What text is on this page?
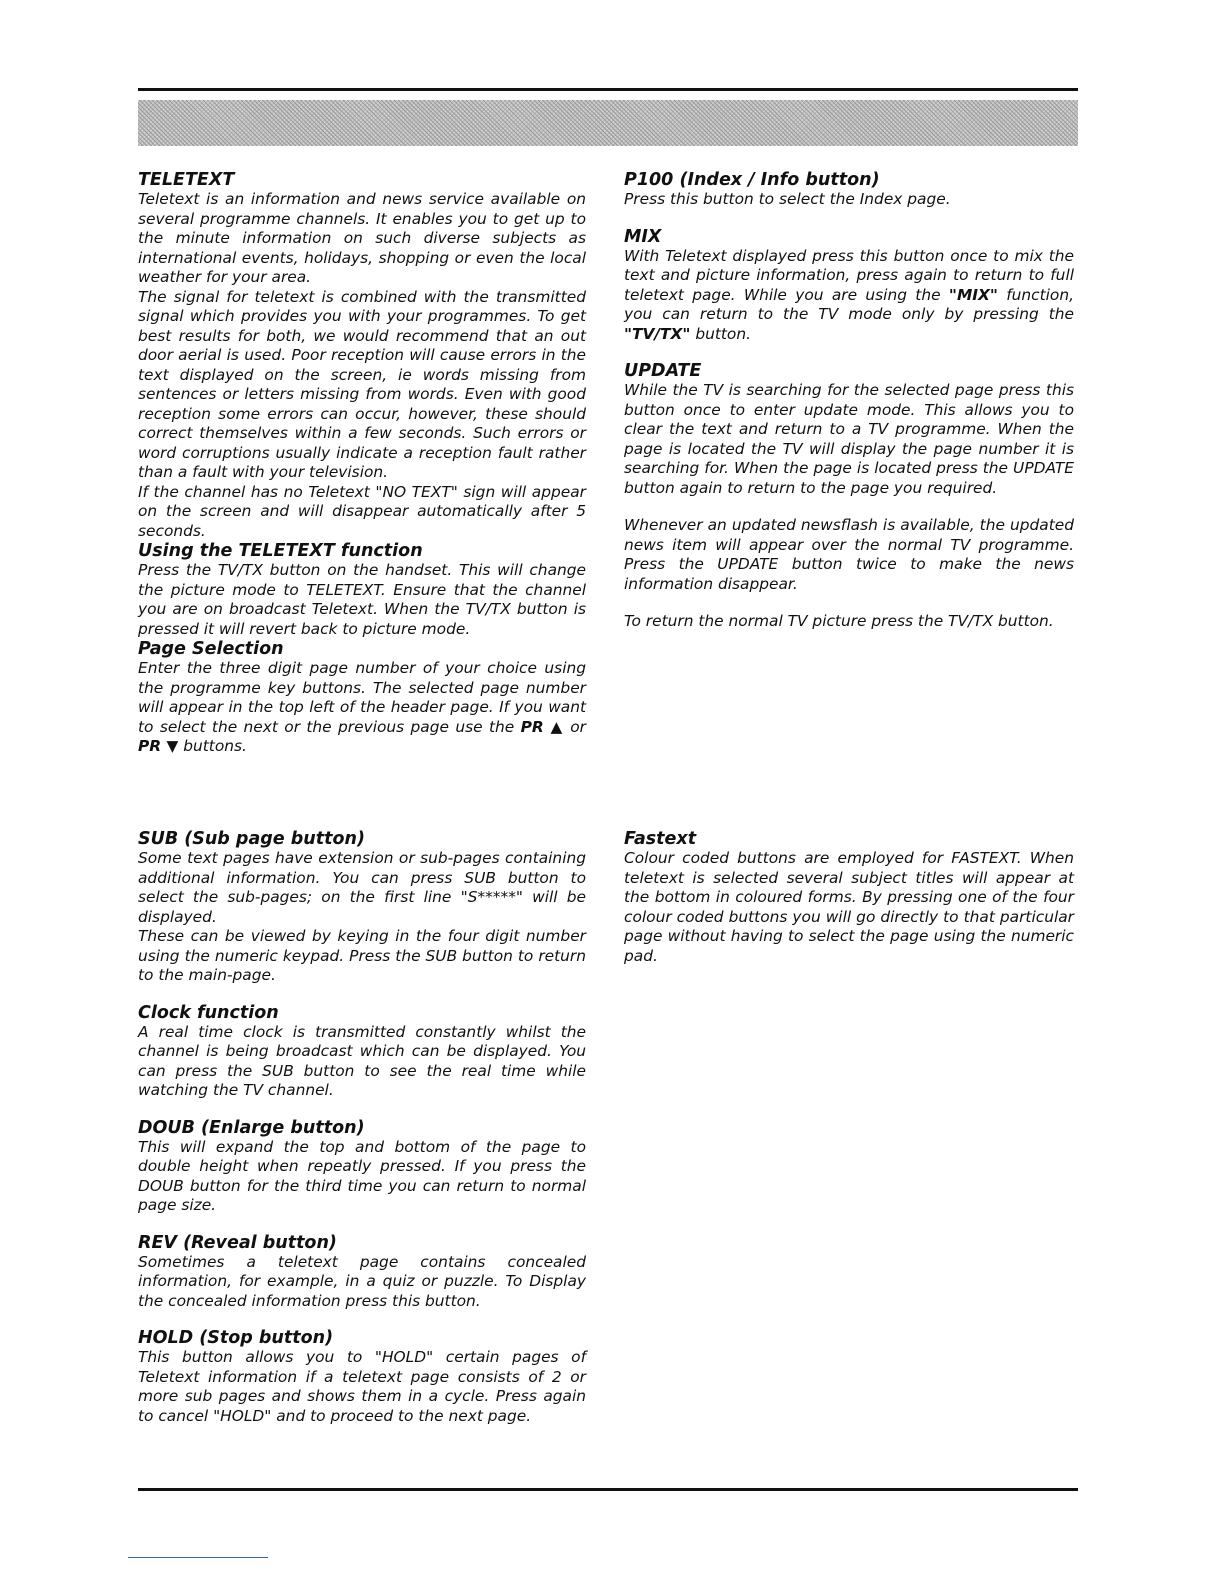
TELETEXT

Teletext is an information and news service available on several programme channels. It enables you to get up to the minute information on such diverse subjects as international events, holidays, shopping or even the local weather for your area.

The signal for teletext is combined with the transmitted signal which provides you with your programmes. To get best results for both, we would recommend that an out door aerial is used. Poor reception will cause errors in the text displayed on the screen, ie words missing from sentences or letters missing from words. Even with good reception some errors can occur, however, these should correct themselves within a few seconds. Such errors or word corruptions usually indicate a reception fault rather than a fault with your television.

If the channel has no Teletext "NO TEXT" sign will appear on the screen and will disappear automatically after 5 seconds.

Using the TELETEXT function

Press the TV/TX button on the handset. This will change the picture mode to TELETEXT. Ensure that the channel you are on broadcast Teletext. When the TV/TX button is pressed it will revert back to picture mode.

Page Selection

Enter the three digit page number of your choice using the programme key buttons. The selected page number will appear in the top left of the header page. If you want to select the next or the previous page use the PR ▲ or PR ▼ buttons.

P100 (Index / Info button)

Press this button to select the Index page.

MIX

With Teletext displayed press this button once to mix the text and picture information, press again to return to full teletext page. While you are using the "MIX" function, you can return to the TV mode only by pressing the "TV/TX" button.

UPDATE

While the TV is searching for the selected page press this button once to enter update mode. This allows you to clear the text and return to a TV programme. When the page is located the TV will display the page number it is searching for. When the page is located press the UPDATE button again to return to the page you required.

Whenever an updated newsflash is available, the updated news item will appear over the normal TV programme. Press the UPDATE button twice to make the news information disappear.

To return the normal TV picture press the TV/TX button.

SUB (Sub page button)

Some text pages have extension or sub-pages containing additional information. You can press SUB button to select the sub-pages; on the first line "S*****" will be displayed.

These can be viewed by keying in the four digit number using the numeric keypad. Press the SUB button to return to the main-page.

Clock function

A real time clock is transmitted constantly whilst the channel is being broadcast which can be displayed. You can press the SUB button to see the real time while watching the TV channel.

DOUB (Enlarge button)

This will expand the top and bottom of the page to double height when repeatly pressed. If you press the DOUB button for the third time you can return to normal page size.

REV (Reveal button)

Sometimes a teletext page contains concealed information, for example, in a quiz or puzzle. To Display the concealed information press this button.

HOLD (Stop button)

This button allows you to "HOLD" certain pages of Teletext information if a teletext page consists of 2 or more sub pages and shows them in a cycle. Press again to cancel "HOLD" and to proceed to the next page.

Fastext

Colour coded buttons are employed for FASTEXT. When teletext is selected several subject titles will appear at the bottom in coloured forms. By pressing one of the four colour coded buttons you will go directly to that particular page without having to select the page using the numeric pad.
